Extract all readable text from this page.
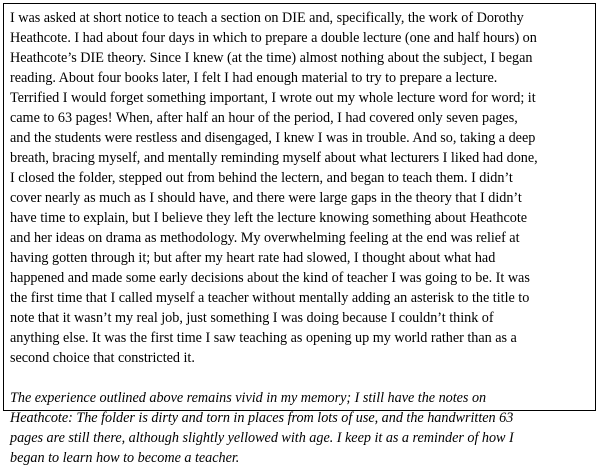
I was asked at short notice to teach a section on DIE and, specifically, the work of Dorothy
Heathcote. I had about four days in which to prepare a double lecture (one and half hours) on
Heathcote’s DIE theory. Since I knew (at the time) almost nothing about the subject, I began
reading. About four books later, I felt I had enough material to try to prepare a lecture.
Terrified I would forget something important, I wrote out my whole lecture word for word; it
came to 63 pages! When, after half an hour of the period, I had covered only seven pages,
and the students were restless and disengaged, I knew I was in trouble. And so, taking a deep
breath, bracing myself, and mentally reminding myself about what lecturers I liked had done,
I closed the folder, stepped out from behind the lectern, and began to teach them. I didn’t
cover nearly as much as I should have, and there were large gaps in the theory that I didn’t
have time to explain, but I believe they left the lecture knowing something about Heathcote
and her ideas on drama as methodology. My overwhelming feeling at the end was relief at
having gotten through it; but after my heart rate had slowed, I thought about what had
happened and made some early decisions about the kind of teacher I was going to be. It was
the first time that I called myself a teacher without mentally adding an asterisk to the title to
note that it wasn’t my real job, just something I was doing because I couldn’t think of
anything else. It was the first time I saw teaching as opening up my world rather than as a
second choice that constricted it.

The experience outlined above remains vivid in my memory; I still have the notes on
Heathcote: The folder is dirty and torn in places from lots of use, and the handwritten 63
pages are still there, although slightly yellowed with age. I keep it as a reminder of how I
began to learn how to become a teacher.
